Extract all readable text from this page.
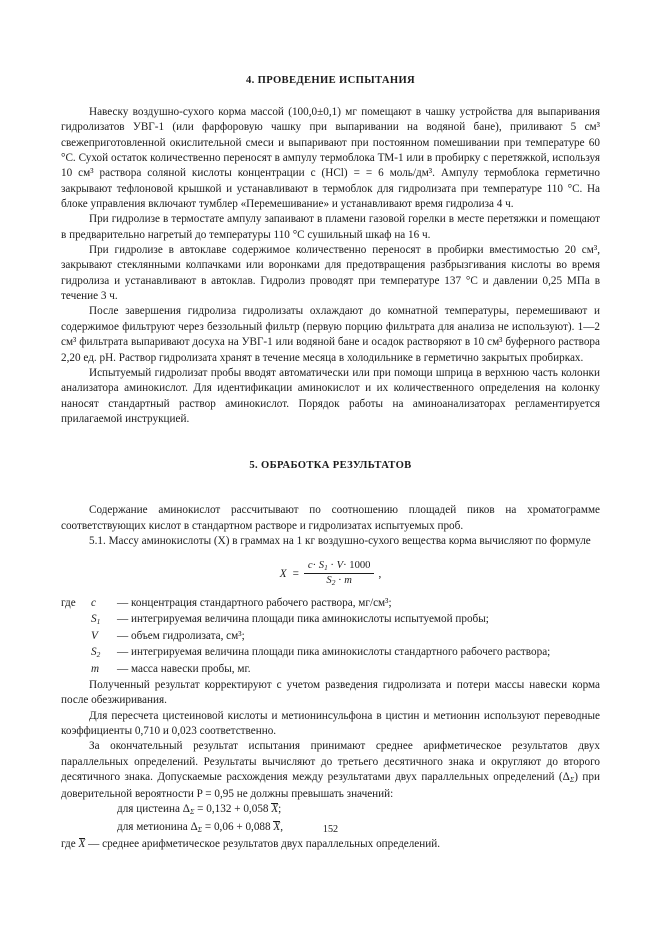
4. ПРОВЕДЕНИЕ ИСПЫТАНИЯ

Навеску воздушно-сухого корма массой (100,0±0,1) мг помещают в чашку устройства для выпаривания гидролизатов УВГ-1 (или фарфоровую чашку при выпаривании на водяной бане), приливают 5 см³ свежеприготовленной окислительной смеси и выпаривают при постоянном помешивании при температуре 60 °С. Сухой остаток количественно переносят в ампулу термоблока ТМ-1 или в пробирку с перетяжкой, используя 10 см³ раствора соляной кислоты концентрации c (HCl) = = 6 моль/дм³. Ампулу термоблока герметично закрывают тефлоновой крышкой и устанавливают в термоблок для гидролизата при температуре 110 °С. На блоке управления включают тумблер «Перемешивание» и устанавливают время гидролиза 4 ч.

При гидролизе в термостате ампулу запаивают в пламени газовой горелки в месте перетяжки и помещают в предварительно нагретый до температуры 110 °С сушильный шкаф на 16 ч.

При гидролизе в автоклаве содержимое количественно переносят в пробирки вместимостью 20 см³, закрывают стеклянными колпачками или воронками для предотвращения разбрызгивания кислоты во время гидролиза и устанавливают в автоклав. Гидролиз проводят при температуре 137 °С и давлении 0,25 МПа в течение 3 ч.

После завершения гидролиза гидролизаты охлаждают до комнатной температуры, перемешивают и содержимое фильтруют через беззольный фильтр (первую порцию фильтрата для анализа не используют). 1—2 см³ фильтрата выпаривают досуха на УВГ-1 или водяной бане и осадок растворяют в 10 см³ буферного раствора 2,20 ед. рН. Раствор гидролизата хранят в течение месяца в холодильнике в герметично закрытых пробирках.

Испытуемый гидролизат пробы вводят автоматически или при помощи шприца в верхнюю часть колонки анализатора аминокислот. Для идентификации аминокислот и их количественного определения на колонку наносят стандартный раствор аминокислот. Порядок работы на аминоанализаторах регламентируется прилагаемой инструкцией.

5. ОБРАБОТКА РЕЗУЛЬТАТОВ

Содержание аминокислот рассчитывают по соотношению площадей пиков на хроматограмме соответствующих кислот в стандартном растворе и гидролизатах испытуемых проб.

5.1. Массу аминокислоты (X) в граммах на 1 кг воздушно-сухого вещества корма вычисляют по формуле

$X = \frac{c\cdot S_1 \cdot V\cdot 1000}{S_2 \cdot m}$ ,
где	c	— концентрация стандартного рабочего раствора, мг/см³;
$S_1$	— интегрируемая величина площади пика аминокислоты испытуемой пробы;
V	— объем гидролизата, см³;
$S_2$	— интегрируемая величина площади пика аминокислоты стандартного рабочего раствора;
m	— масса навески пробы, мг.

Полученный результат корректируют с учетом разведения гидролизата и потери массы навески корма после обезжиривания.

Для пересчета цистеиновой кислоты и метионинсульфона в цистин и метионин используют переводные коэффициенты 0,710 и 0,023 соответственно.

За окончательный результат испытания принимают среднее арифметическое результатов двух параллельных определений. Результаты вычисляют до третьего десятичного знака и округляют до второго десятичного знака. Допускаемые расхождения между результатами двух параллельных определений $(\Delta_\Sigma)$ при доверительной вероятности P = 0,95 не должны превышать значений:

для цистеина $\Delta_\Sigma = 0,132 + 0,058$ X;

для метионина $\Delta_\Sigma = 0,06 + 0,088$ X,

где X — среднее арифметическое результатов двух параллельных определений.

152
